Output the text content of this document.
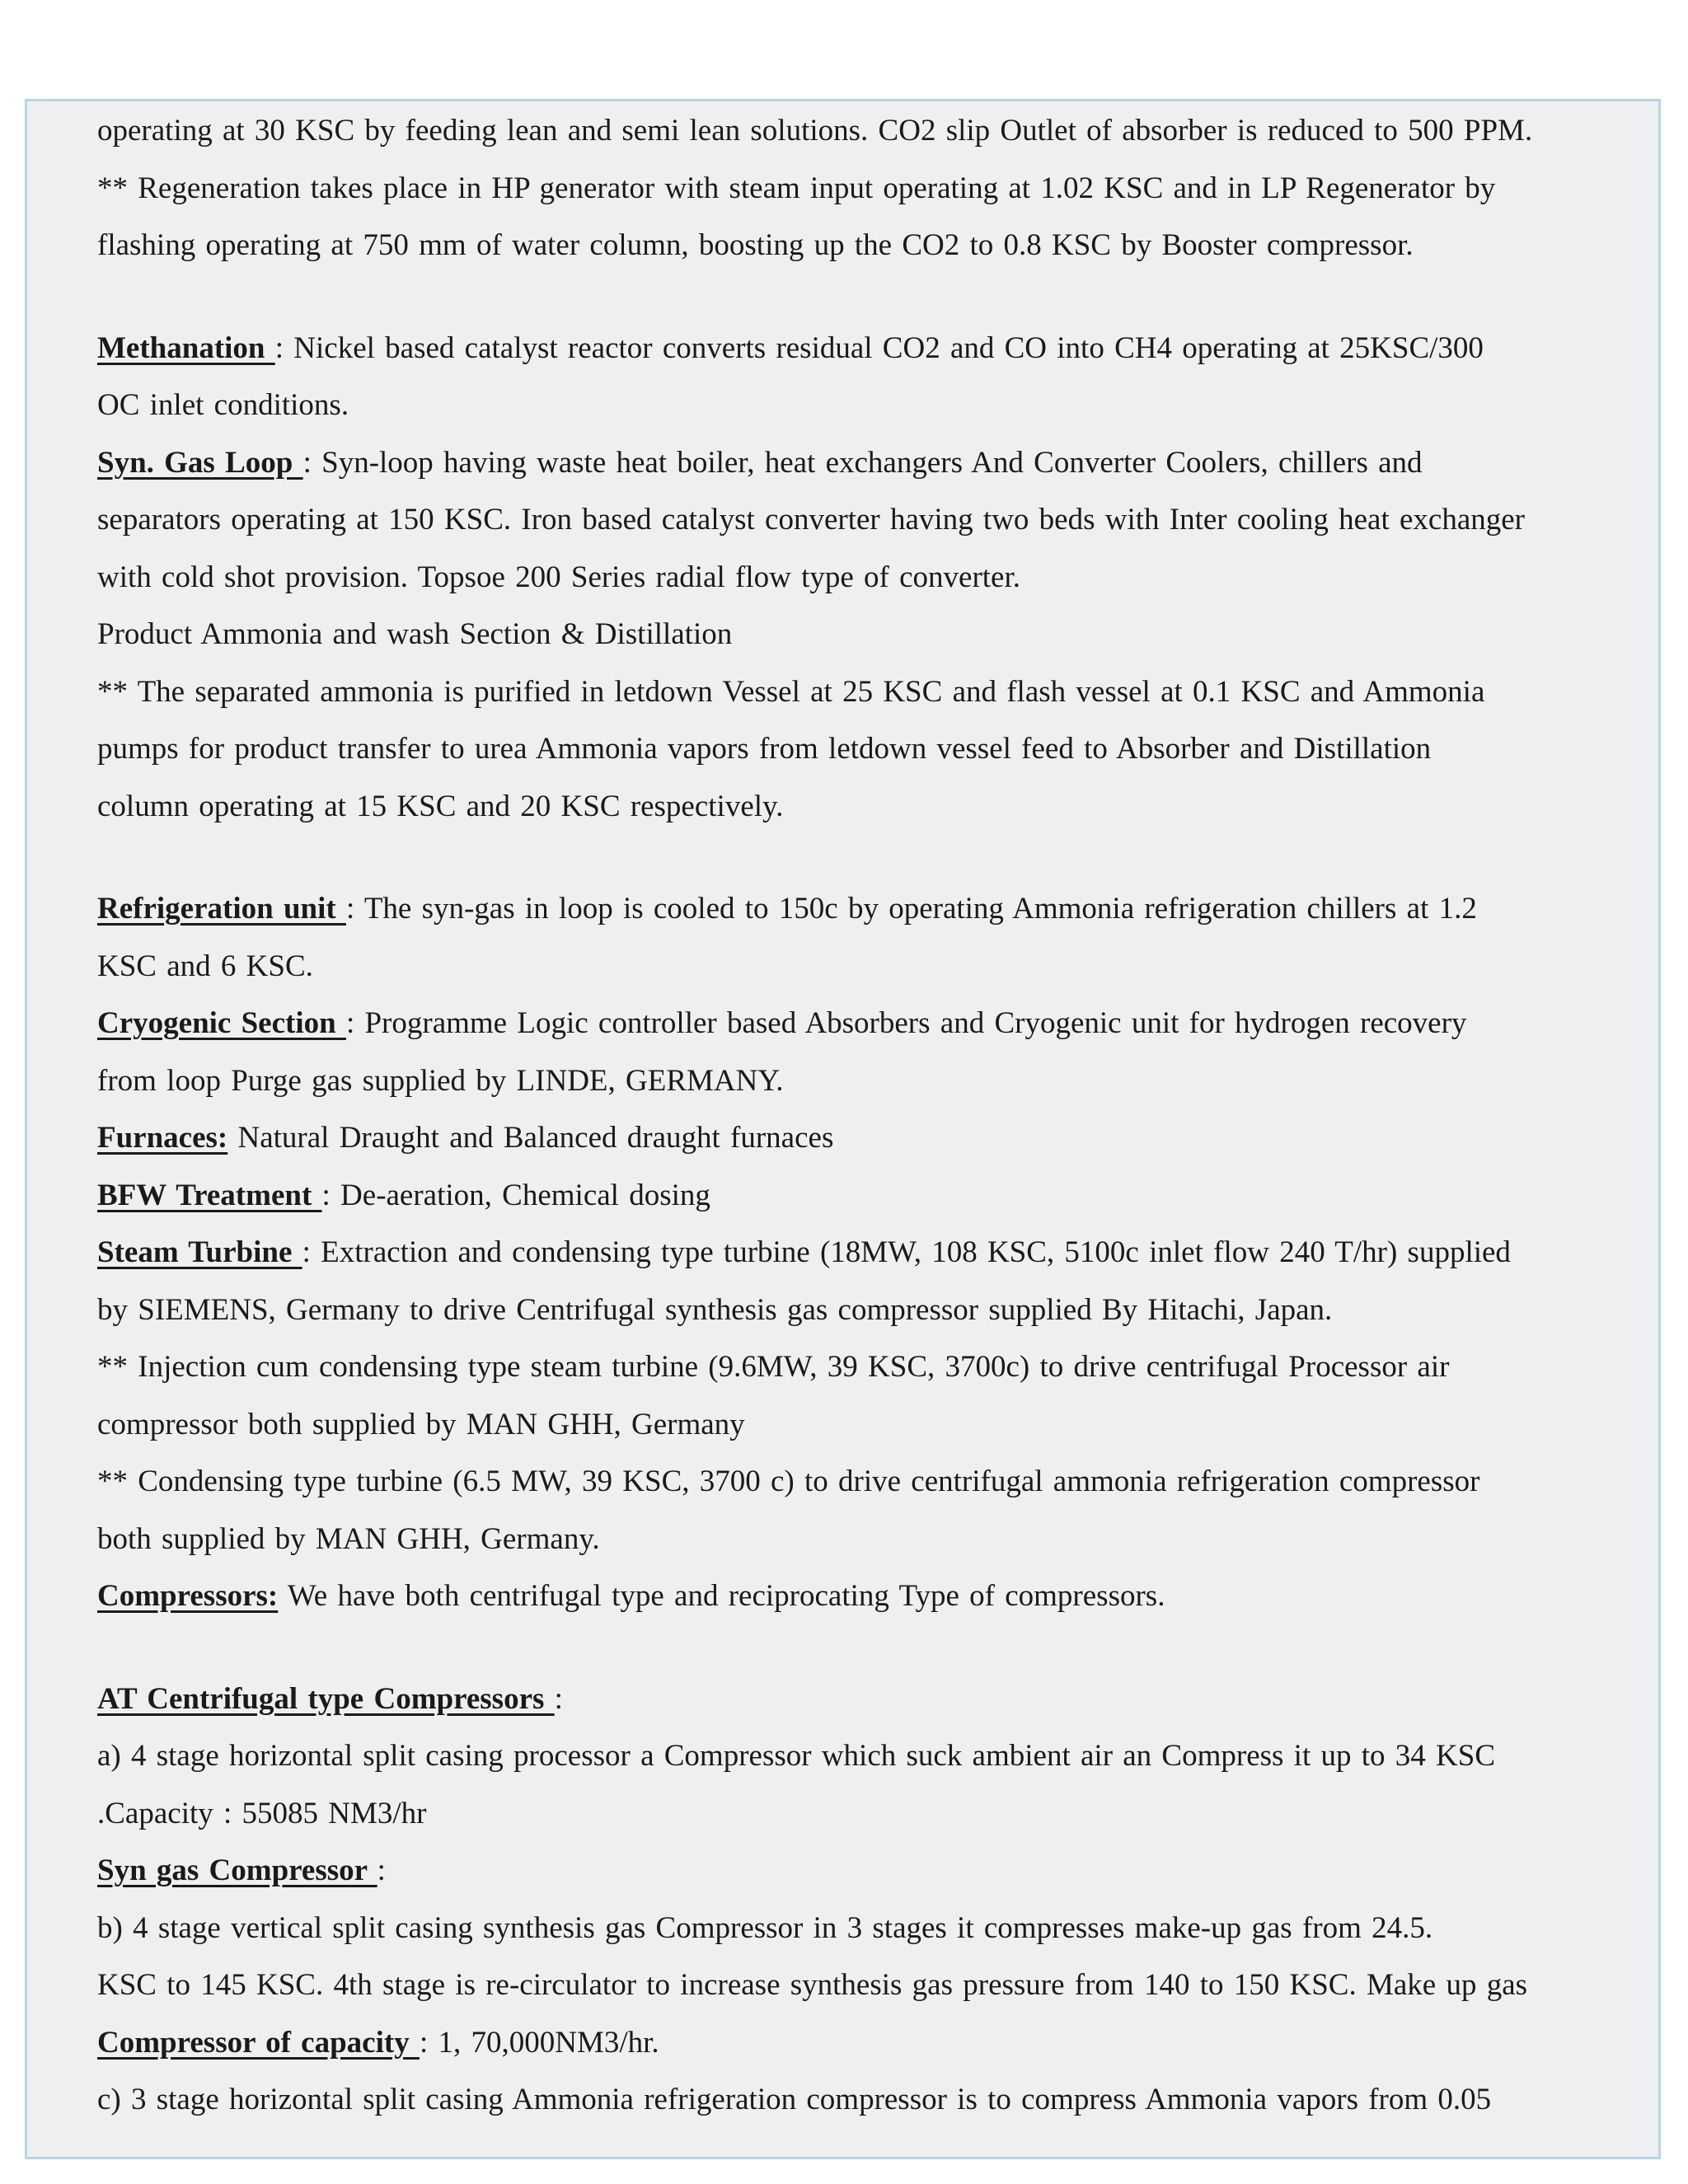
operating at 30 KSC by feeding lean and semi lean solutions. CO2 slip Outlet of absorber is reduced to 500 PPM.
** Regeneration takes place in HP generator with steam input operating at 1.02 KSC and in LP Regenerator by
flashing operating at 750 mm of water column, boosting up the CO2 to 0.8 KSC by Booster compressor.
Methanation : Nickel based catalyst reactor converts residual CO2 and CO into CH4 operating at 25KSC/300
OC inlet conditions.
Syn. Gas Loop : Syn-loop having waste heat boiler, heat exchangers And Converter Coolers, chillers and
separators operating at 150 KSC. Iron based catalyst converter having two beds with Inter cooling heat exchanger
with cold shot provision. Topsoe 200 Series radial flow type of converter.
Product Ammonia and wash Section & Distillation
** The separated ammonia is purified in letdown Vessel at 25 KSC and flash vessel at 0.1 KSC and Ammonia
pumps for product transfer to urea Ammonia vapors from letdown vessel feed to Absorber and Distillation
column operating at 15 KSC and 20 KSC respectively.
Refrigeration unit : The syn-gas in loop is cooled to 150c by operating Ammonia refrigeration chillers at 1.2
KSC and 6 KSC.
Cryogenic Section : Programme Logic controller based Absorbers and Cryogenic unit for hydrogen recovery
from loop Purge gas supplied by LINDE, GERMANY.
Furnaces: Natural Draught and Balanced draught furnaces
BFW Treatment : De-aeration, Chemical dosing
Steam Turbine : Extraction and condensing type turbine (18MW, 108 KSC, 5100c inlet flow 240 T/hr) supplied
by SIEMENS, Germany to drive Centrifugal synthesis gas compressor supplied By Hitachi, Japan.
** Injection cum condensing type steam turbine (9.6MW, 39 KSC, 3700c) to drive centrifugal Processor air
compressor both supplied by MAN GHH, Germany
** Condensing type turbine (6.5 MW, 39 KSC, 3700 c) to drive centrifugal ammonia refrigeration compressor
both supplied by MAN GHH, Germany.
Compressors: We have both centrifugal type and reciprocating Type of compressors.
AT Centrifugal type Compressors :
a) 4 stage horizontal split casing processor a Compressor which suck ambient air an Compress it up to 34 KSC
.Capacity : 55085 NM3/hr
Syn gas Compressor :
b) 4 stage vertical split casing synthesis gas Compressor in 3 stages it compresses make-up gas from 24.5.
KSC to 145 KSC. 4th stage is re-circulator to increase synthesis gas pressure from 140 to 150 KSC. Make up gas
Compressor of capacity : 1, 70,000NM3/hr.
c) 3 stage horizontal split casing Ammonia refrigeration compressor is to compress Ammonia vapors from 0.05
